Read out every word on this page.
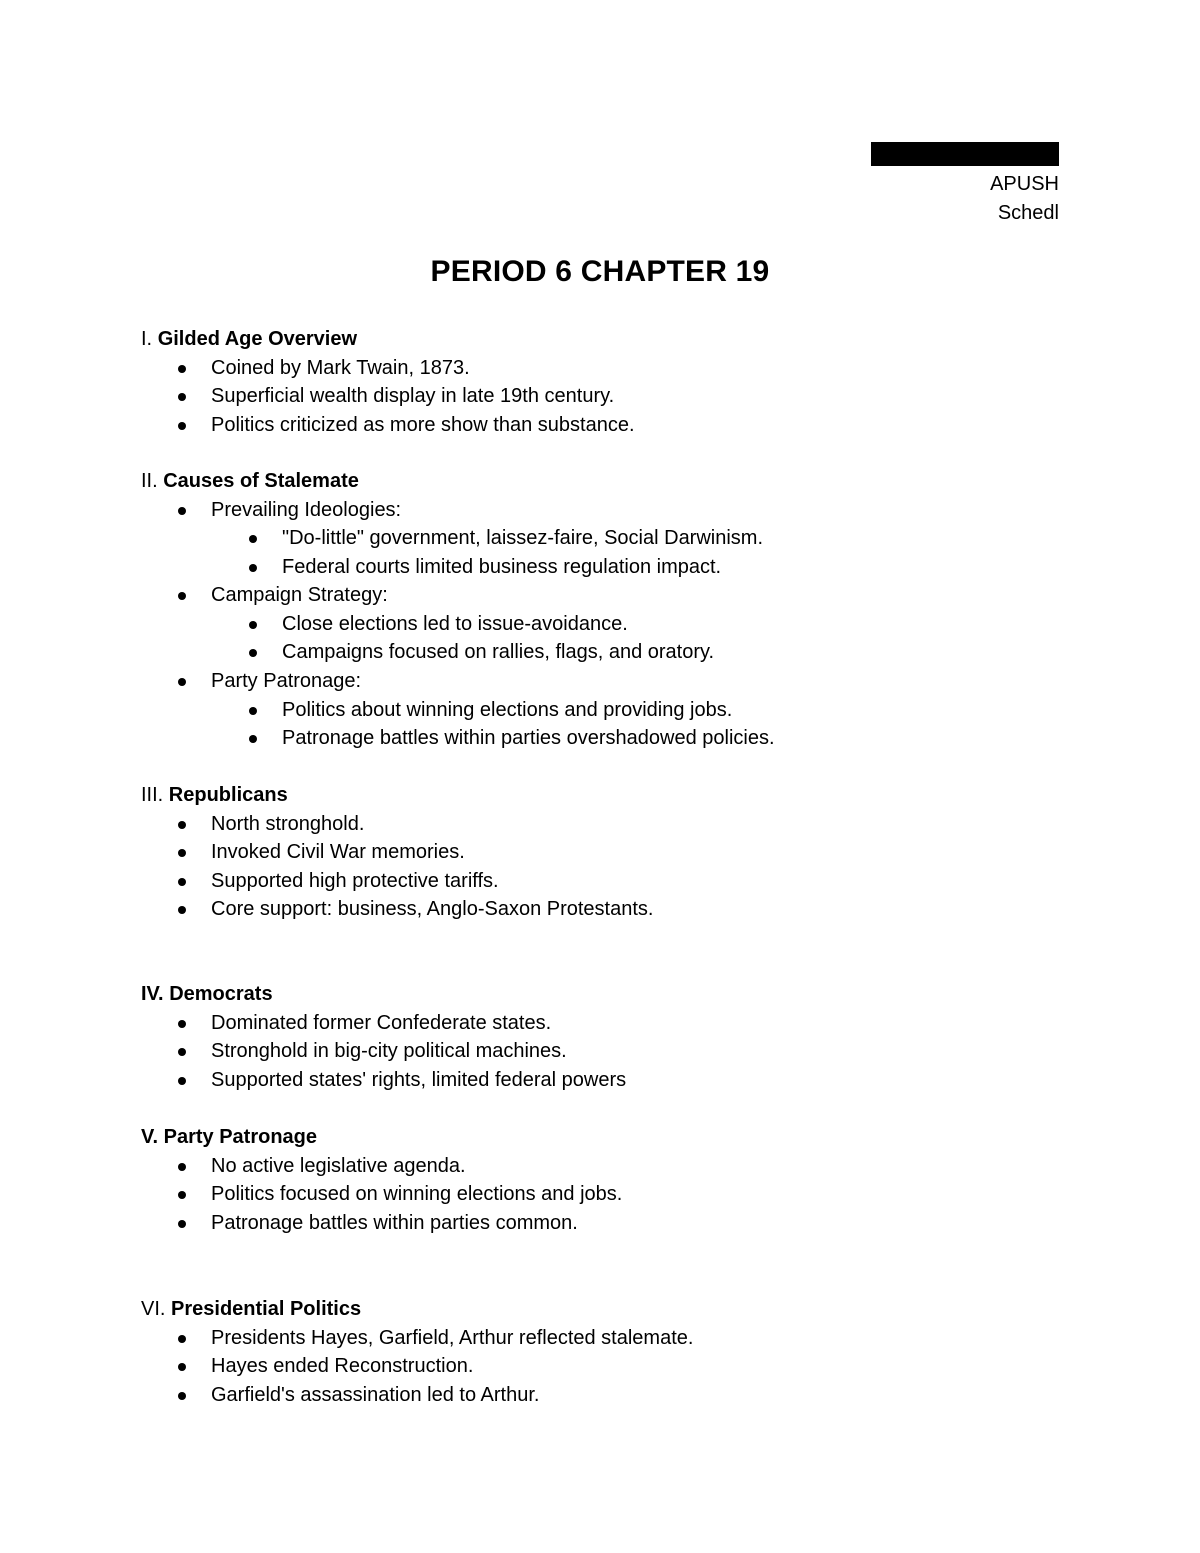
APUSH
Schedl
PERIOD 6 CHAPTER 19
I. Gilded Age Overview
Coined by Mark Twain, 1873.
Superficial wealth display in late 19th century.
Politics criticized as more show than substance.
II. Causes of Stalemate
Prevailing Ideologies:
"Do-little" government, laissez-faire, Social Darwinism.
Federal courts limited business regulation impact.
Campaign Strategy:
Close elections led to issue-avoidance.
Campaigns focused on rallies, flags, and oratory.
Party Patronage:
Politics about winning elections and providing jobs.
Patronage battles within parties overshadowed policies.
III. Republicans
North stronghold.
Invoked Civil War memories.
Supported high protective tariffs.
Core support: business, Anglo-Saxon Protestants.
IV. Democrats
Dominated former Confederate states.
Stronghold in big-city political machines.
Supported states' rights, limited federal powers
V. Party Patronage
No active legislative agenda.
Politics focused on winning elections and jobs.
Patronage battles within parties common.
VI. Presidential Politics
Presidents Hayes, Garfield, Arthur reflected stalemate.
Hayes ended Reconstruction.
Garfield's assassination led to Arthur.
